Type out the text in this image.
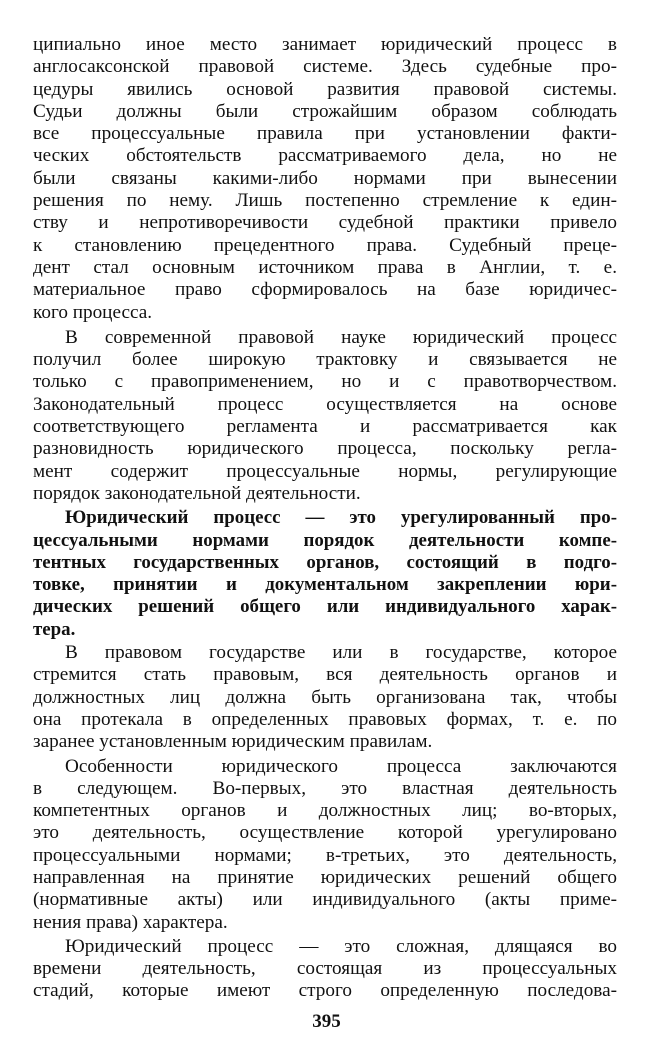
ципиально иное место занимает юридический процесс в
англосаксонской правовой системе. Здесь судебные про-
цедуры явились основой развития правовой системы.
Судьи должны были строжайшим образом соблюдать
все процессуальные правила при установлении факти-
ческих обстоятельств рассматриваемого дела, но не
были связаны какими-либо нормами при вынесении
решения по нему. Лишь постепенно стремление к един-
ству и непротиворечивости судебной практики привело
к становлению прецедентного права. Судебный преце-
дент стал основным источником права в Англии, т. е.
материальное право сформировалось на базе юридичес-
кого процесса.
В современной правовой науке юридический процесс
получил более широкую трактовку и связывается не
только с правоприменением, но и с правотворчеством.
Законодательный процесс осуществляется на основе
соответствующего регламента и рассматривается как
разновидность юридического процесса, поскольку регла-
мент содержит процессуальные нормы, регулирующие
порядок законодательной деятельности.
Юридический процесс — это урегулированный про-
цессуальными нормами порядок деятельности компе-
тентных государственных органов, состоящий в подго-
товке, принятии и документальном закреплении юри-
дических решений общего или индивидуального харак-
тера.
В правовом государстве или в государстве, которое
стремится стать правовым, вся деятельность органов и
должностных лиц должна быть организована так, чтобы
она протекала в определенных правовых формах, т. е. по
заранее установленным юридическим правилам.
Особенности юридического процесса заключаются
в следующем. Во-первых, это властная деятельность
компетентных органов и должностных лиц; во-вторых,
это деятельность, осуществление которой урегулировано
процессуальными нормами; в-третьих, это деятельность,
направленная на принятие юридических решений общего
(нормативные акты) или индивидуального (акты приме-
нения права) характера.
Юридический процесс — это сложная, длящаяся во
времени деятельность, состоящая из процессуальных
стадий, которые имеют строго определенную последова-
395
